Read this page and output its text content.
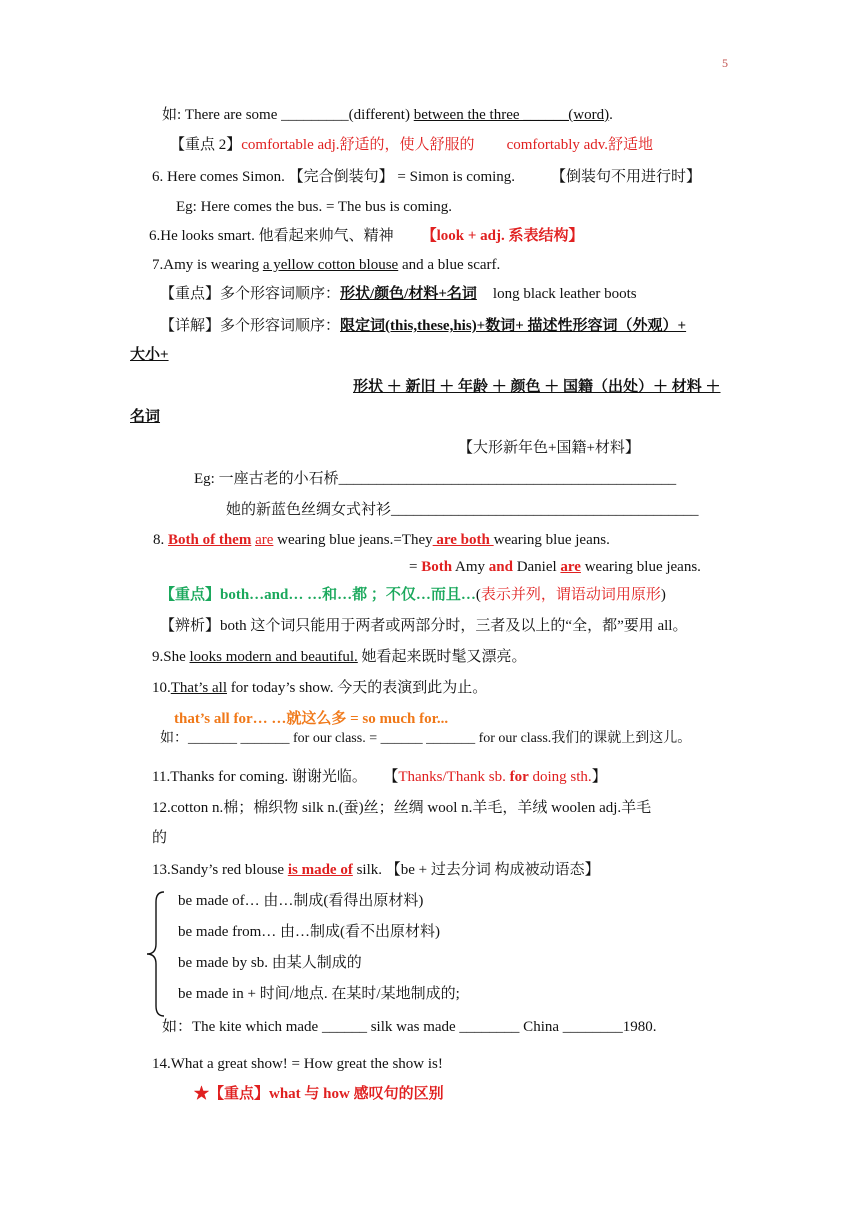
5
如: There are some _________(different) between the three ______(word).
【重点 2】comfortable adj.舒适的，使人舒服的 comfortably adv.舒适地
6. Here comes Simon. 【完合倒装句】 = Simon is coming. 【倒装句不用进行时】
Eg: Here comes the bus. = The bus is coming.
6.He looks smart. 他看起来帅气、精神 【look + adj. 系表结构】
7.Amy is wearing a yellow cotton blouse and a blue scarf.
【重点】多个形容词顺序：形状/颜色/材料+名词 long black leather boots
【详解】多个形容词顺序：限定词(this,these,his)+数词+ 描述性形容词（外观）+
大小+
形状 ＋ 新旧 ＋ 年龄 ＋ 颜色 ＋ 国籍（出处）＋ 材料 ＋
名词
【大形新年色+国籍+材料】
Eg: 一座古老的小石桥_____________________________________________
她的新蓝色丝绸女式衬衫_________________________________________
8. Both of them are wearing blue jeans.=They are both wearing blue jeans.
= Both Amy and Daniel are wearing blue jeans.
【重点】both…and… …和…都 ；不仅…而且…(表示并列，谓语动词用原形)
【辨析】both 这个词只能用于两者或两部分时，三者及以上的“全，都”要用 all。
9.She looks modern and beautiful. 她看起来既时髦又漂亮。
10.That’s all for today’s show. 今天的表演到此为止。
that’s all for… …就这么多 = so much for...
如：_______ _______ for our class. = ______ _______ for our class.我们的课就上到这儿。
11.Thanks for coming. 谢谢光临。 【Thanks/Thank sb. for doing sth.】
12.cotton n.棉；棉织物 silk n.(蚕)丝；丝绸 wool n.羊毛，羊绒 woolen adj.羊毛
的
13.Sandy’s red blouse is made of silk. 【be + 过去分词 构成被动语态】
be made of… 由…制成(看得出原材料)
be made from… 由…制成(看不出原材料)
be made by sb. 由某人制成的
be made in + 时间/地点. 在某时/某地制成的;
如：The kite which made ______ silk was made ________ China ________1980.
14.What a great show! = How great the show is!
★【重点】what 与 how 感叹句的区别
